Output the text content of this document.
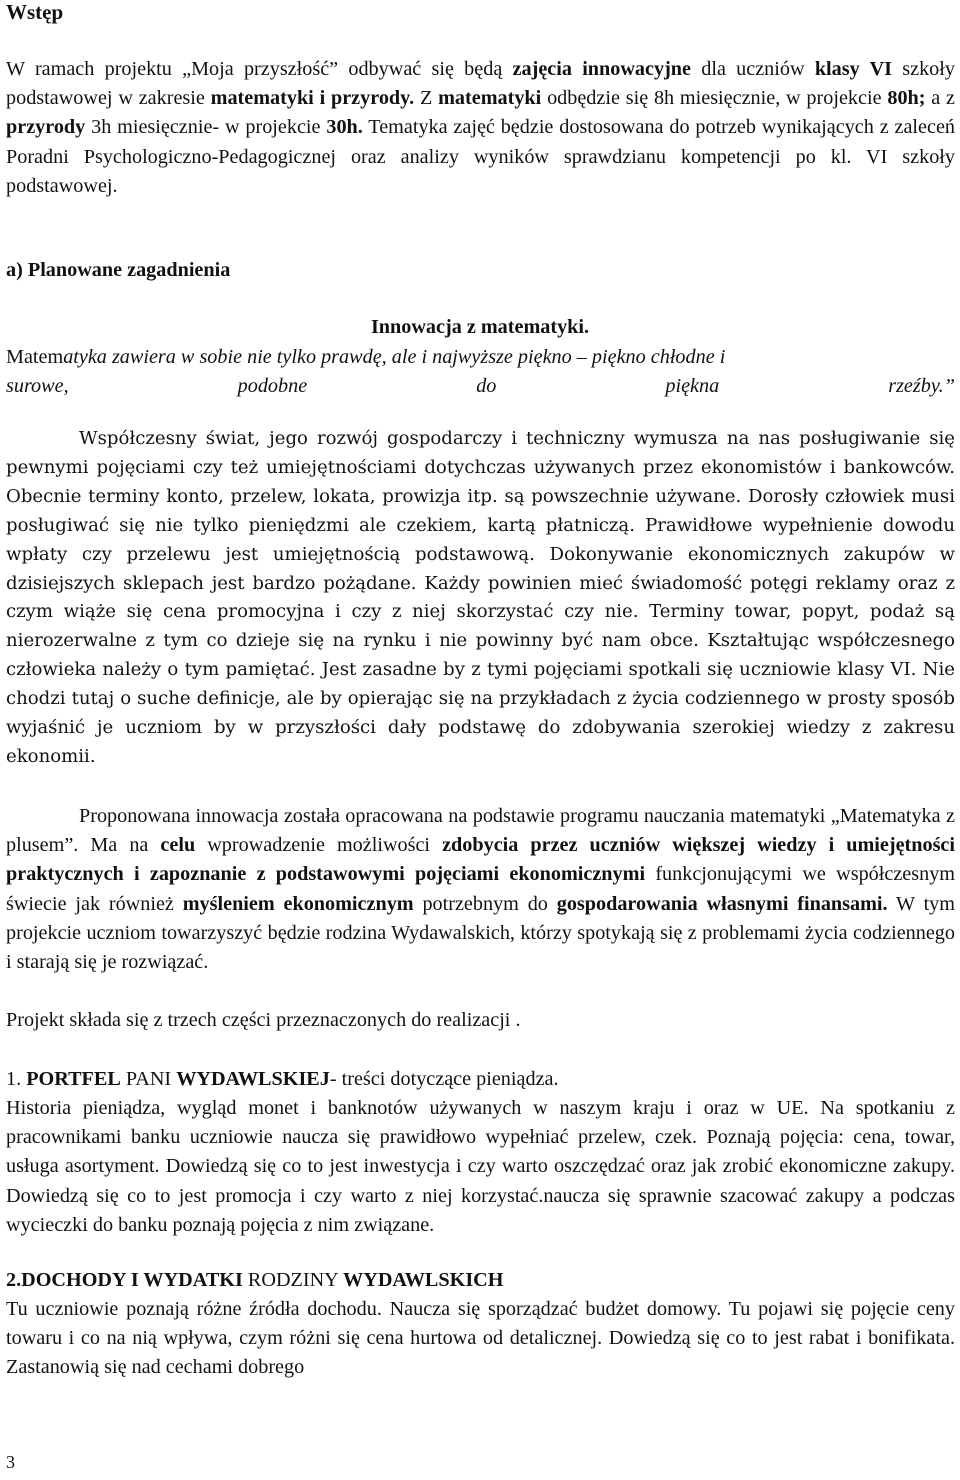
Wstęp

W ramach projektu „Moja przyszłość” odbywać się będą zajęcia innowacyjne dla uczniów klasy VI szkoły podstawowej w zakresie matematyki i przyrody. Z matematyki odbędzie się 8h miesięcznie, w projekcie 80h; a z przyrody 3h miesięcznie- w projekcie 30h. Tematyka zajęć będzie dostosowana do potrzeb wynikających z zaleceń Poradni Psychologiczno-Pedagogicznej oraz analizy wyników sprawdzianu kompetencji po kl. VI szkoły podstawowej.

a) Planowane zagadnienia

Innowacja z matematyki.

Matematyka zawiera w sobie nie tylko prawdę, ale i najwyższe piękno – piękno chłodne i
surowe,	podobne	do	piękna	rzeźby.”

Współczesny świat, jego rozwój gospodarczy i techniczny wymusza na nas posługiwanie się pewnymi pojęciami czy też umiejętnościami dotychczas używanych przez ekonomistów i bankowców. Obecnie terminy konto, przelew, lokata, prowizja itp. są powszechnie używane. Dorosły człowiek musi posługiwać się nie tylko pieniędzmi ale czekiem, kartą płatniczą. Prawidłowe wypełnienie dowodu wpłaty czy przelewu jest umiejętnością podstawową. Dokonywanie ekonomicznych zakupów w dzisiejszych sklepach jest bardzo pożądane. Każdy powinien mieć świadomość potęgi reklamy oraz z czym wiąże się cena promocyjna i czy z niej skorzystać czy nie. Terminy towar, popyt, podaż są nierozerwalne z tym co dzieje się na rynku i nie powinny być nam obce. Kształtując współczesnego człowieka należy o tym pamiętać. Jest zasadne by z tymi pojęciami spotkali się uczniowie klasy VI. Nie chodzi tutaj o suche definicje, ale by opierając się na przykładach z życia codziennego w prosty sposób wyjaśnić je uczniom by w przyszłości dały podstawę do zdobywania szerokiej wiedzy z zakresu ekonomii.

Proponowana innowacja została opracowana na podstawie programu nauczania matematyki „Matematyka z plusem”. Ma na celu wprowadzenie możliwości zdobycia przez uczniów większej wiedzy i umiejętności praktycznych i zapoznanie z podstawowymi pojęciami ekonomicznymi funkcjonującymi we współczesnym świecie jak również myśleniem ekonomicznym potrzebnym do gospodarowania własnymi finansami. W tym projekcie uczniom towarzyszyć będzie rodzina Wydawalskich, którzy spotykają się z problemami życia codziennego i starają się je rozwiązać.

Projekt składa się z trzech części przeznaczonych do realizacji .

1. PORTFEL PANI WYDAWLSKIEJ- treści dotyczące pieniądza.

Historia pieniądza, wygląd monet i banknotów używanych w naszym kraju i oraz w UE. Na spotkaniu z pracownikami banku uczniowie naucza się prawidłowo wypełniać przelew, czek. Poznają pojęcia: cena, towar, usługa asortyment. Dowiedzą się co to jest inwestycja i czy warto oszczędzać oraz jak zrobić ekonomiczne zakupy. Dowiedzą się co to jest promocja i czy warto z niej korzystać.naucza się sprawnie szacować zakupy a podczas wycieczki do banku poznają pojęcia z nim związane.

2.DOCHODY I WYDATKI RODZINY WYDAWLSKICH

Tu uczniowie poznają różne źródła dochodu. Naucza się sporządzać budżet domowy. Tu pojawi się pojęcie ceny towaru i co na nią wpływa, czym różni się cena hurtowa od detalicznej. Dowiedzą się co to jest rabat i bonifikata. Zastanowią się nad cechami dobrego

3
